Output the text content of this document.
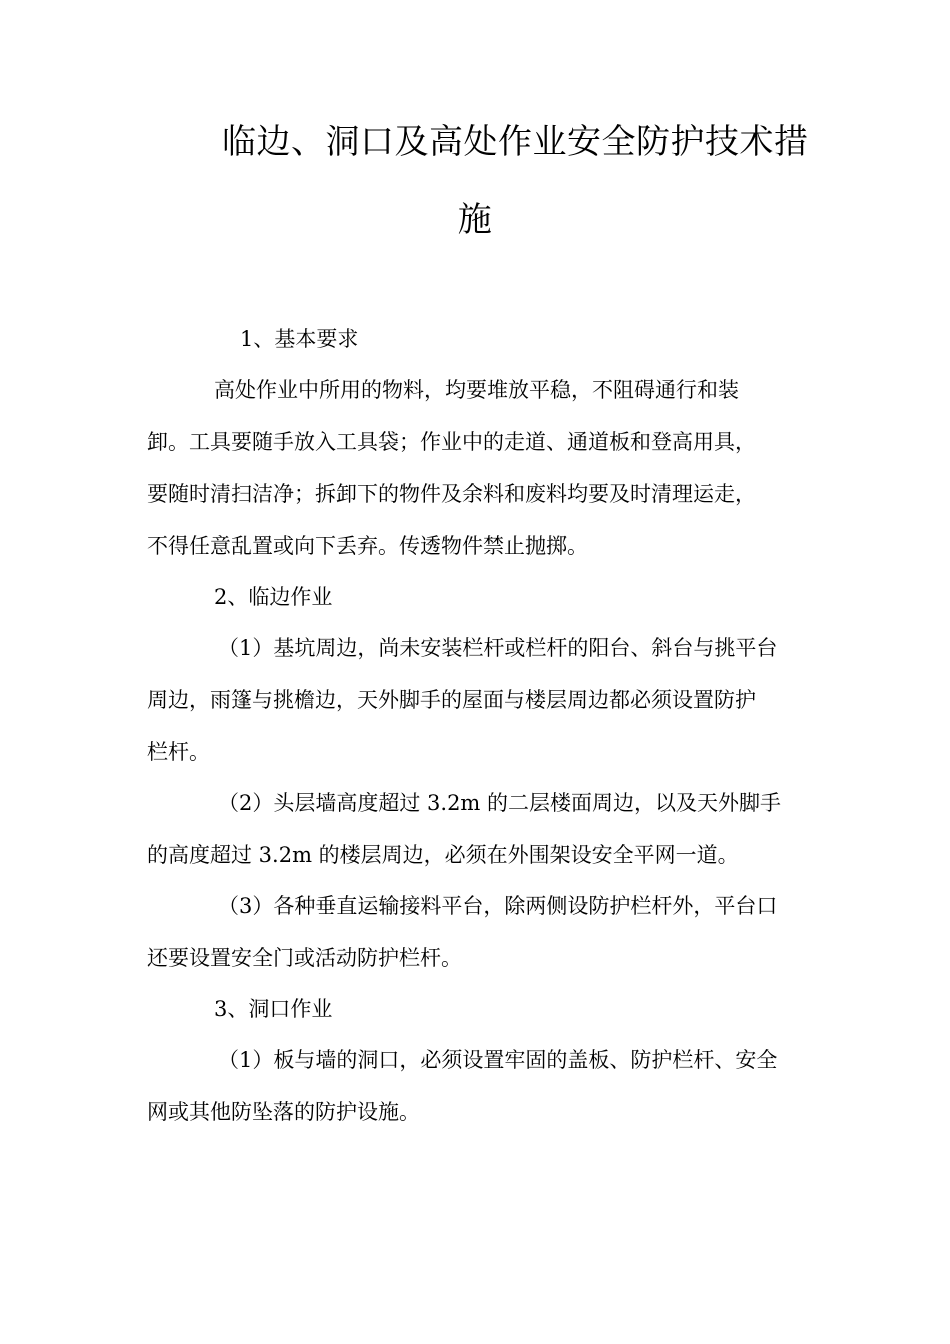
临边、洞口及高处作业安全防护技术措
施
1、基本要求
高处作业中所用的物料，均要堆放平稳，不阻碍通行和装
卸。工具要随手放入工具袋；作业中的走道、通道板和登高用具，
要随时清扫洁净；拆卸下的物件及余料和废料均要及时清理运走，
不得任意乱置或向下丢弃。传透物件禁止抛掷。
2、临边作业
（1）基坑周边，尚未安装栏杆或栏杆的阳台、斜台与挑平台
周边，雨篷与挑檐边，天外脚手的屋面与楼层周边都必须设置防护
栏杆。
（2）头层墙高度超过 3.2m 的二层楼面周边，以及天外脚手
的高度超过 3.2m 的楼层周边，必须在外围架设安全平网一道。
（3）各种垂直运输接料平台，除两侧设防护栏杆外，平台口
还要设置安全门或活动防护栏杆。
3、洞口作业
（1）板与墙的洞口，必须设置牢固的盖板、防护栏杆、安全
网或其他防坠落的防护设施。
